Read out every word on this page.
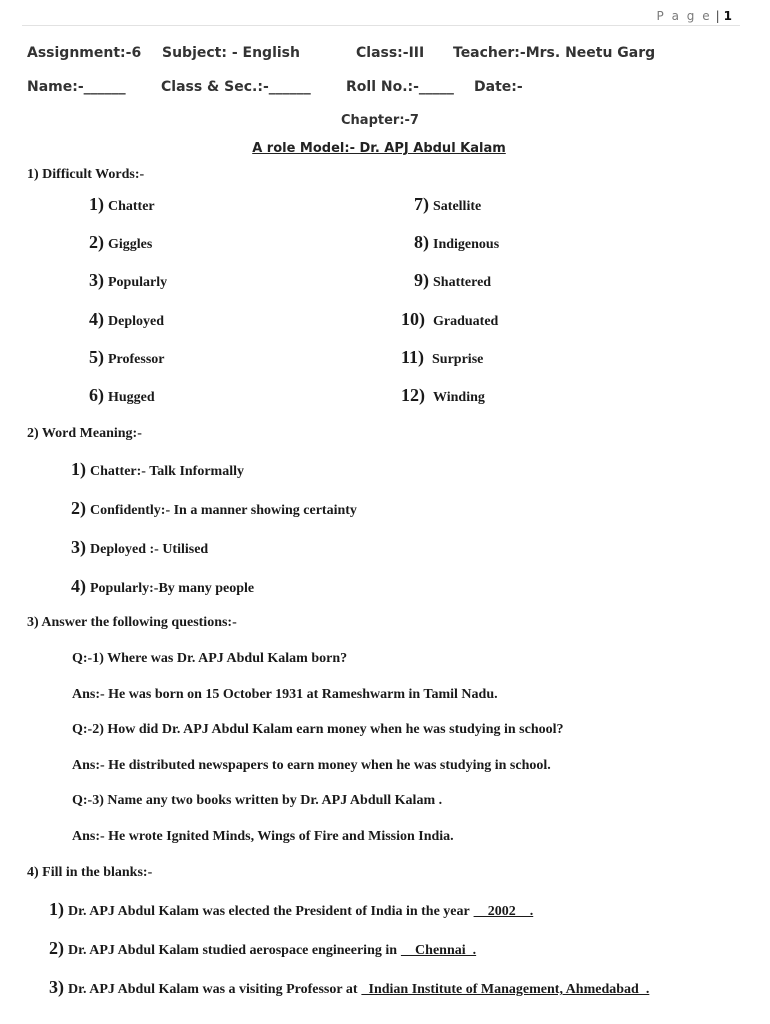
P a g e | 1
Assignment:-6 Subject: - English	Class:-III Teacher:-Mrs. Neetu Garg
Name:-______	Class & Sec.:-______	Roll No.:-_____ Date:-
Chapter:-7
A role Model:- Dr. APJ Abdul Kalam
1) Difficult Words:-
1) Chatter
2) Giggles
3) Popularly
4) Deployed
5) Professor
6) Hugged
7) Satellite
8) Indigenous
9) Shattered
10) Graduated
11) Surprise
12) Winding
2) Word Meaning:-
1) Chatter:- Talk Informally
2) Confidently:- In a manner showing certainty
3) Deployed :- Utilised
4) Popularly:-By many people
3) Answer the following questions:-
Q:-1) Where was Dr. APJ Abdul Kalam born?
Ans:- He was born on 15 October 1931 at Rameshwarm in Tamil Nadu.
Q:-2) How did Dr. APJ Abdul Kalam earn money when he was studying in school?
Ans:- He distributed newspapers to earn money when he was studying in school.
Q:-3) Name any two books written by Dr. APJ Abdull Kalam .
Ans:- He wrote Ignited Minds, Wings of Fire and Mission India.
4) Fill in the blanks:-
1) Dr. APJ Abdul Kalam was elected the President of India in the year __2002__.
2) Dr. APJ Abdul Kalam studied aerospace engineering in __Chennai_.
3) Dr. APJ Abdul Kalam was a visiting Professor at _Indian Institute of Management, Ahmedabad_.
